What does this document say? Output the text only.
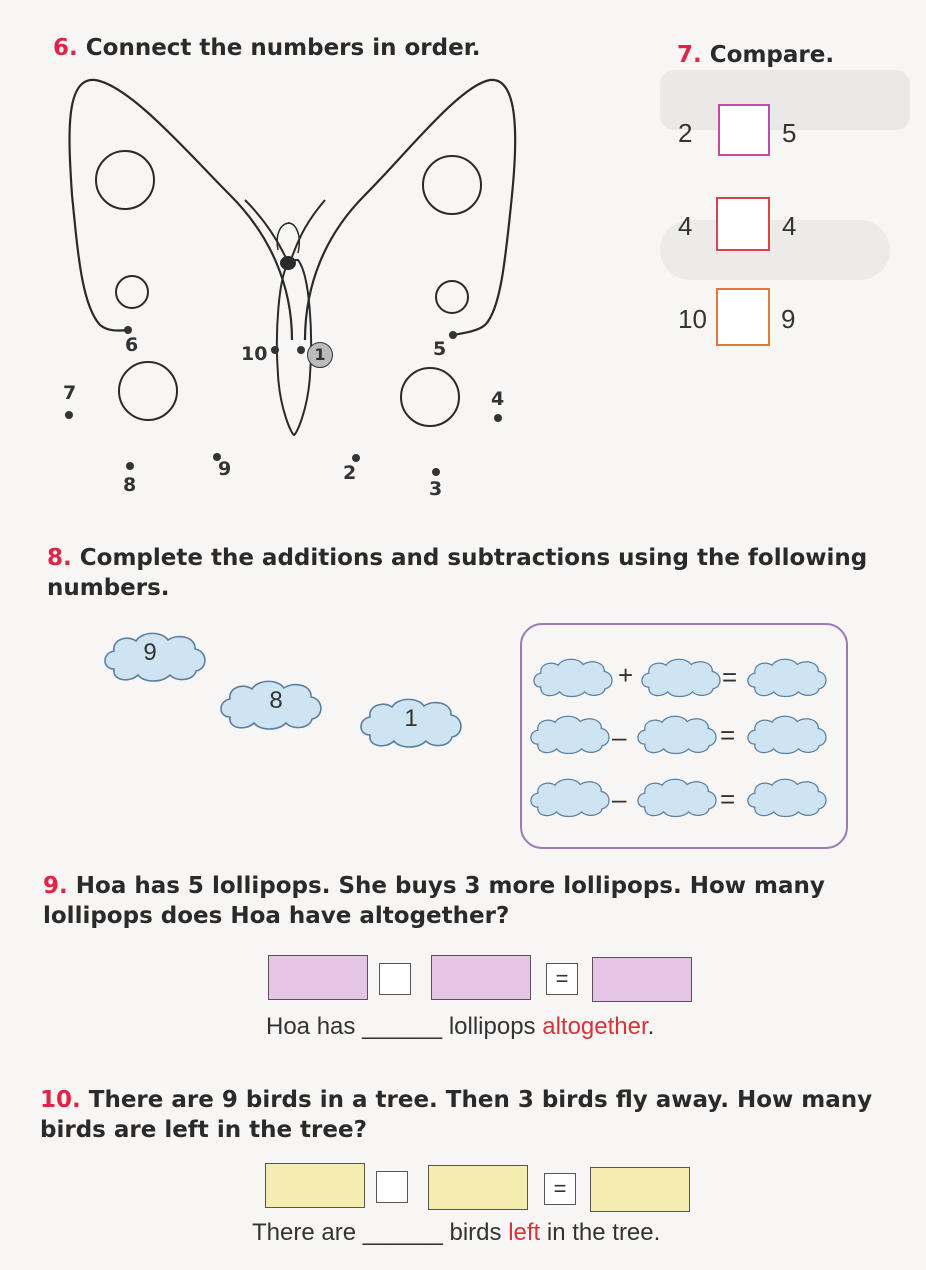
6. Connect the numbers in order.
1
2
3
4
5
6
7
8
9
10
7. Compare.
2	5
4	4
10	9
8. Complete the additions and subtractions using the following numbers.
9
8
1
+	=
–	=
–	=
9. Hoa has 5 lollipops. She buys 3 more lollipops. How many lollipops does Hoa have altogether?
=
Hoa has ______ lollipops altogether.
10. There are 9 birds in a tree. Then 3 birds fly away. How many birds are left in the tree?
=
There are ______ birds left in the tree.
